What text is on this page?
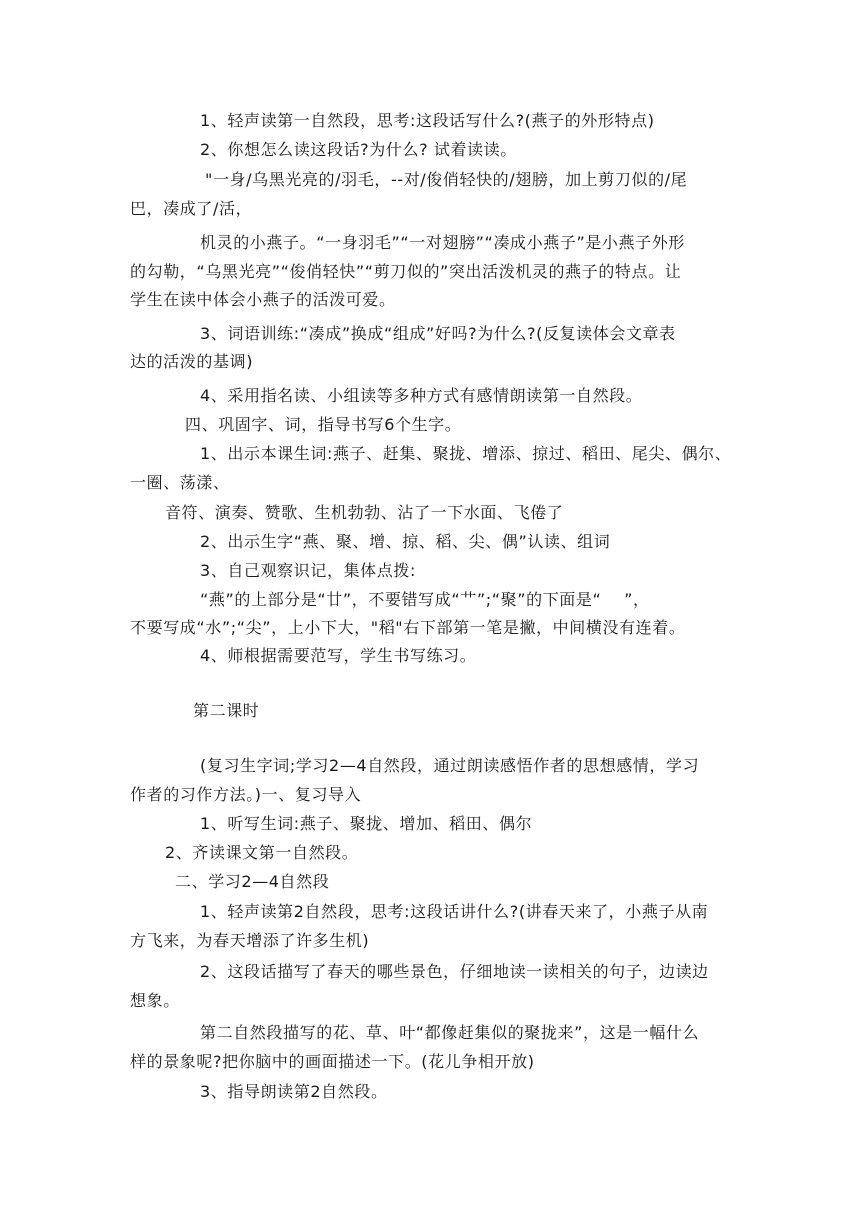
1、轻声读第一自然段，思考:这段话写什么?(燕子的外形特点)

2、你想怎么读这段话?为什么? 试着读读。

"一身/乌黑光亮的/羽毛，--对/俊俏轻快的/翅膀，加上剪刀似的/尾

巴，凑成了/活，

机灵的小燕子。“一身羽毛”“一对翅膀”“凑成小燕子”是小燕子外形

的勾勒，“乌黑光亮”“俊俏轻快”“剪刀似的”突出活泼机灵的燕子的特点。让

学生在读中体会小燕子的活泼可爱。

3、词语训练:“凑成”换成“组成”好吗?为什么?(反复读体会文章表

达的活泼的基调)

4、采用指名读、小组读等多种方式有感情朗读第一自然段。

四、巩固字、词，指导书写6个生字。

1、出示本课生词:燕子、赶集、聚拢、增添、掠过、稻田、尾尖、偶尔、

一圈、荡漾、

音符、演奏、赞歌、生机勃勃、沾了一下水面、飞倦了

2、出示生字“燕、聚、增、掠、稻、尖、偶”认读、组词

3、自己观察识记，集体点拨:

“燕”的上部分是“廿”，不要错写成“艹”;“聚”的下面是“    ”，

不要写成“水”;“尖”，上小下大，"稻"右下部第一笔是撇，中间横没有连着。

4、师根据需要范写，学生书写练习。

第二课时

(复习生字词;学习2—4自然段，通过朗读感悟作者的思想感情，学习

作者的习作方法。)一、复习导入

1、听写生词:燕子、聚拢、增加、稻田、偶尔

2、齐读课文第一自然段。

二、学习2—4自然段

1、轻声读第2自然段，思考:这段话讲什么?(讲春天来了，小燕子从南

方飞来，为春天增添了许多生机)

2、这段话描写了春天的哪些景色，仔细地读一读相关的句子，边读边

想象。

第二自然段描写的花、草、叶“都像赶集似的聚拢来”，这是一幅什么

样的景象呢?把你脑中的画面描述一下。(花儿争相开放)

3、指导朗读第2自然段。
